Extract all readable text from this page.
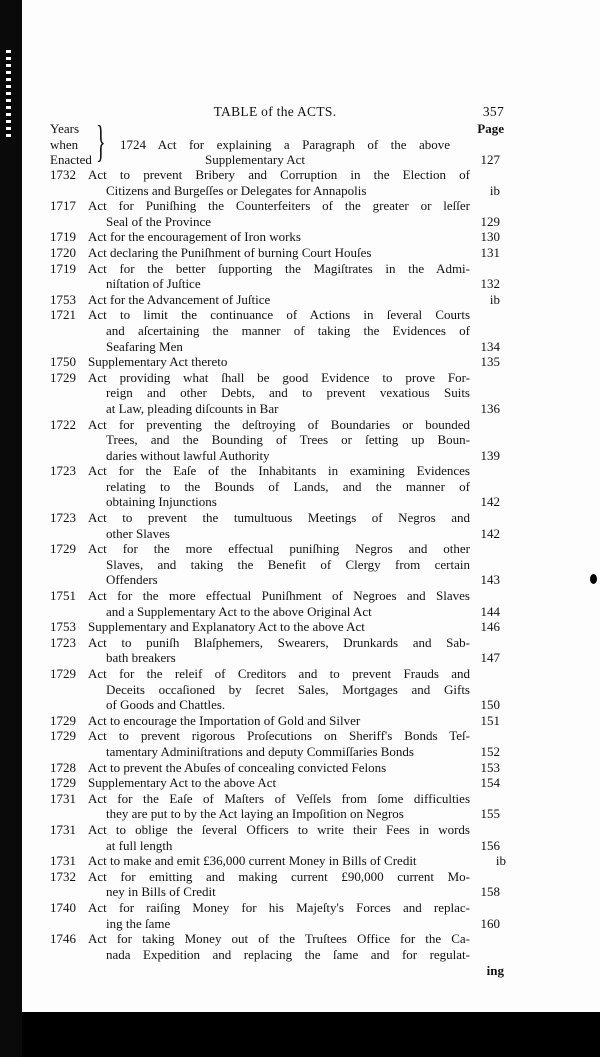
TABLE of the ACTS.	357
Years
when
Enacted }	Page
1724 Act for explaining a Paragraph of the above
Supplementary Act	127
1732 Act to prevent Bribery and Corruption in the Election of
Citizens and Burgeſſes or Delegates for Annapolis	ib
1717 Act for Puniſhing the Counterfeiters of the greater or leſſer
Seal of the Province	129
1719 Act for the encouragement of Iron works	130
1720 Act declaring the Puniſhment of burning Court Houſes	131
1719 Act for the better ſupporting the Magiſtrates in the Admi-
niſtation of Juſtice	132
1753 Act for the Advancement of Juſtice	ib
1721 Act to limit the continuance of Actions in ſeveral Courts
and aſcertaining the manner of taking the Evidences of
Seafaring Men	134
1750 Supplementary Act thereto	135
1729 Act providing what ſhall be good Evidence to prove For-
reign and other Debts, and to prevent vexatious Suits
at Law, pleading diſcounts in Bar	136
1722 Act for preventing the deſtroying of Boundaries or bounded
Trees, and the Bounding of Trees or ſetting up Boun-
daries without lawful Authority	139
1723 Act for the Eaſe of the Inhabitants in examining Evidences
relating to the Bounds of Lands, and the manner of
obtaining Injunctions	142
1723 Act to prevent the tumultuous Meetings of Negros and
other Slaves	142
1729 Act for the more effectual puniſhing Negros and other
Slaves, and taking the Benefit of Clergy from certain
Offenders	143
1751 Act for the more effectual Puniſhment of Negroes and Slaves
and a Supplementary Act to the above Original Act	144
1753 Supplementary and Explanatory Act to the above Act	146
1723 Act to puniſh Blaſphemers, Swearers, Drunkards and Sab-
bath breakers	147
1729 Act for the releif of Creditors and to prevent Frauds and
Deceits occaſioned by ſecret Sales, Mortgages and Gifts
of Goods and Chattles.	150
1729 Act to encourage the Importation of Gold and Silver	151
1729 Act to prevent rigorous Proſecutions on Sheriff's Bonds Teſ-
tamentary Adminiſtrations and deputy Commiſſaries Bonds	152
1728 Act to prevent the Abuſes of concealing convicted Felons	153
1729 Supplementary Act to the above Act	154
1731 Act for the Eaſe of Maſters of Veſſels from ſome difficulties
they are put to by the Act laying an Impoſition on Negros	155
1731 Act to oblige the ſeveral Officers to write their Fees in words
at full length	156
1731 Act to make and emit £36,000 current Money in Bills of Credit	ib
1732 Act for emitting and making current £90,000 current Mo-
ney in Bills of Credit	158
1740 Act for raiſing Money for his Majeſty's Forces and replac-
ing the ſame	160
1746 Act for taking Money out of the Truſtees Office for the Ca-
nada Expedition and replacing the ſame and for regulat-
ing
